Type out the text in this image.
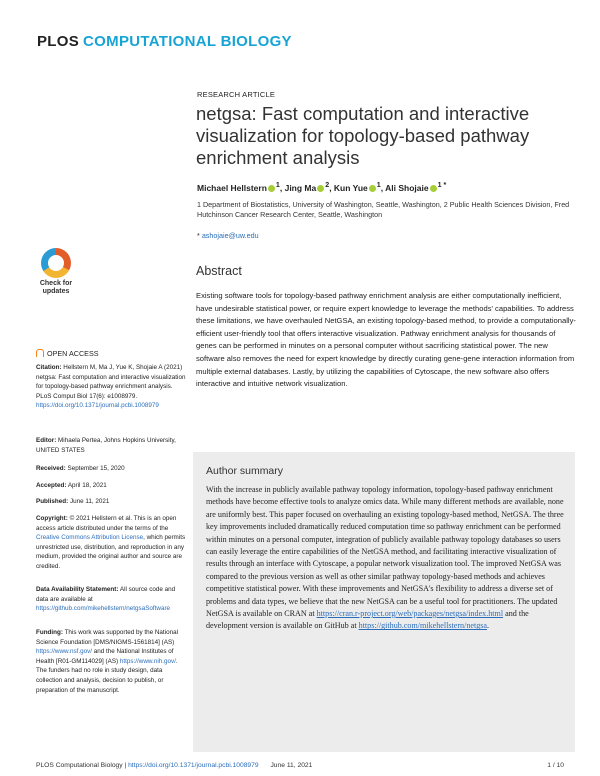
PLOS COMPUTATIONAL BIOLOGY
RESEARCH ARTICLE
netgsa: Fast computation and interactive visualization for topology-based pathway enrichment analysis
Michael Hellstern $^1$, Jing Ma $^2$, Kun Yue $^1$, Ali Shojaie $^{1 *}$
1 Department of Biostatistics, University of Washington, Seattle, Washington, 2 Public Health Sciences Division, Fred Hutchinson Cancer Research Center, Seattle, Washington
* ashojaie@uw.edu
Check for
updates
Abstract
Existing software tools for topology-based pathway enrichment analysis are either computationally inefficient, have undesirable statistical power, or require expert knowledge to leverage the methods' capabilities. To address these limitations, we have overhauled NetGSA, an existing topology-based method, to provide a computationally-efficient user-friendly tool that offers interactive visualization. Pathway enrichment analysis for thousands of genes can be performed in minutes on a personal computer without sacrificing statistical power. The new software also removes the need for expert knowledge by directly curating gene-gene interaction information from multiple external databases. Lastly, by utilizing the capabilities of Cytoscape, the new software also offers interactive and intuitive network visualization.
OPEN ACCESS
Citation: Hellstern M, Ma J, Yue K, Shojaie A (2021) netgsa: Fast computation and interactive visualization for topology-based pathway enrichment analysis. PLoS Comput Biol 17(6): e1008979. https://doi.org/10.1371/journal.pcbi.1008979
Editor: Mihaela Pertea, Johns Hopkins University, UNITED STATES
Received: September 15, 2020
Accepted: April 18, 2021
Published: June 11, 2021
Copyright: © 2021 Hellstern et al. This is an open access article distributed under the terms of the Creative Commons Attribution License, which permits unrestricted use, distribution, and reproduction in any medium, provided the original author and source are credited.
Data Availability Statement: All source code and data are available at https://github.com/mikehellstern/netgsaSoftware
Funding: This work was supported by the National Science Foundation [DMS/NIGMS-1561814] (AS) https://www.nsf.gov/ and the National Institutes of Health [R01-GM114029] (AS) https://www.nih.gov/. The funders had no role in study design, data collection and analysis, decision to publish, or preparation of the manuscript.
Author summary
With the increase in publicly available pathway topology information, topology-based pathway enrichment methods have become effective tools to analyze omics data. While many different methods are available, none are uniformly best. This paper focused on overhauling an existing topology-based method, NetGSA. The three key improvements included dramatically reduced computation time so pathway enrichment can be performed within minutes on a personal computer, integration of publicly available pathway topology databases so users can easily leverage the entire capabilities of the NetGSA method, and facilitating interactive visualization of results through an interface with Cytoscape, a popular network visualization tool. The improved NetGSA was compared to the previous version as well as other similar pathway topology-based methods and achieves competitive statistical power. With these improvements and NetGSA's flexibility to address a diverse set of problems and data types, we believe that the new NetGSA can be a useful tool for practitioners. The updated NetGSA is available on CRAN at https://cran.r-project.org/web/packages/netgsa/index.html and the development version is available on GitHub at https://github.com/mikehellstern/netgsa.
PLOS Computational Biology | https://doi.org/10.1371/journal.pcbi.1008979 June 11, 2021	1 / 10
